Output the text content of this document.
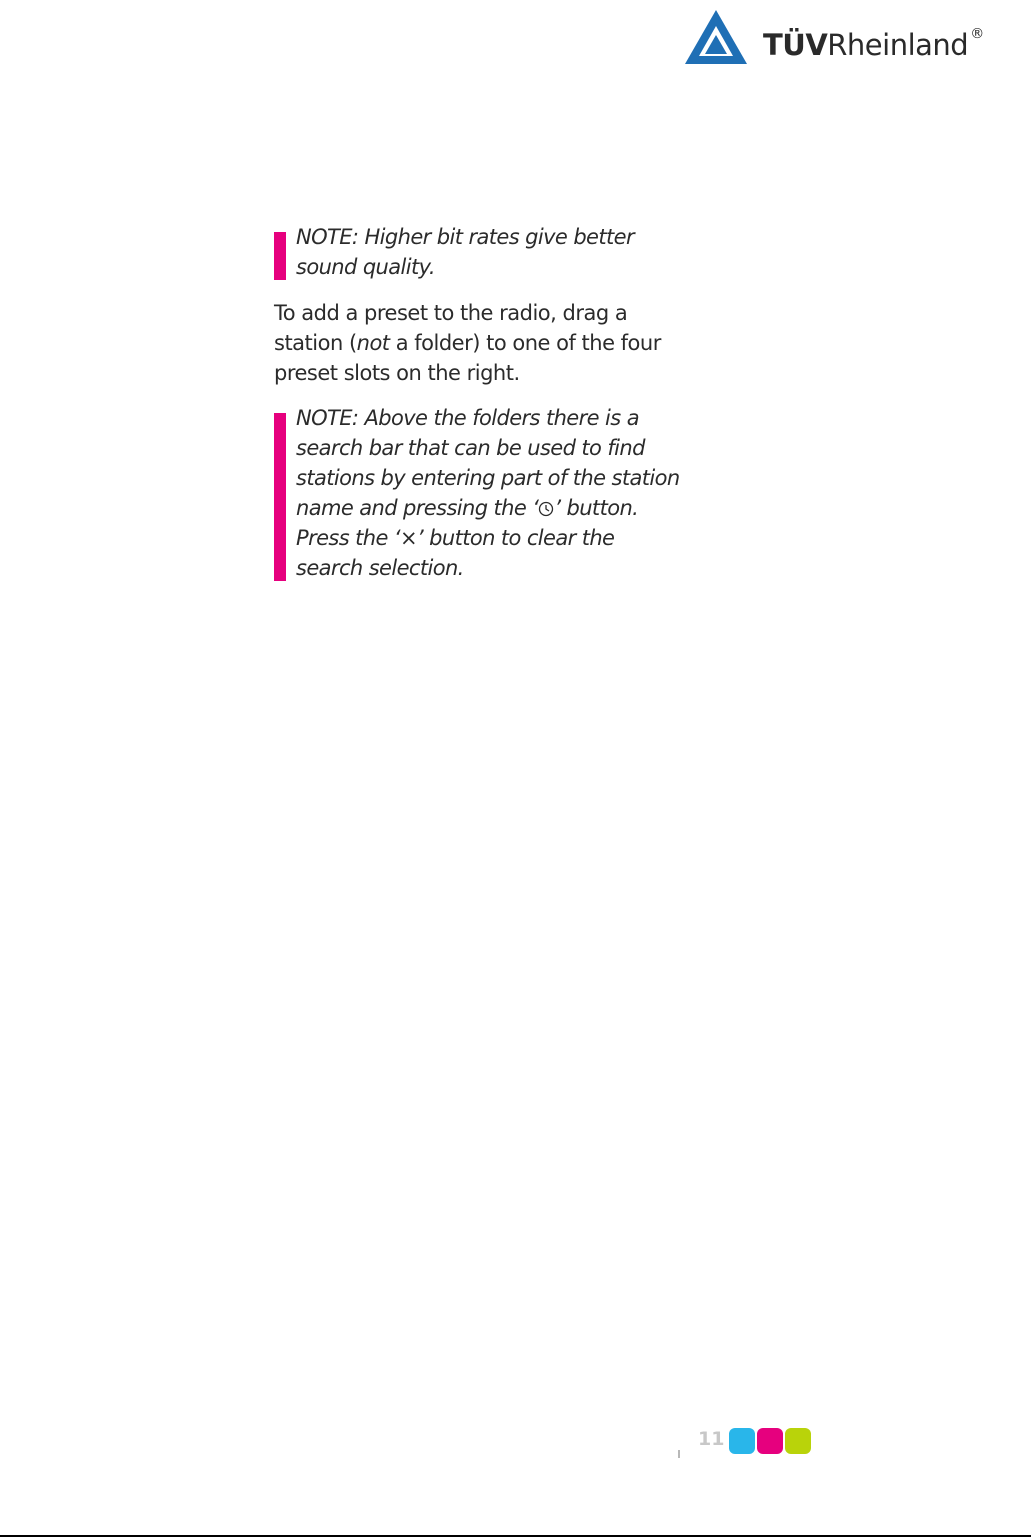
TÜVRheinland ®
NOTE: Higher bit rates give better sound quality.
To add a preset to the radio, drag a station (not a folder) to one of the four preset slots on the right.
NOTE: Above the folders there is a search bar that can be used to find stations by entering part of the station name and pressing the ‘ ’ button. Press the ‘×’ button to clear the search selection.
11
